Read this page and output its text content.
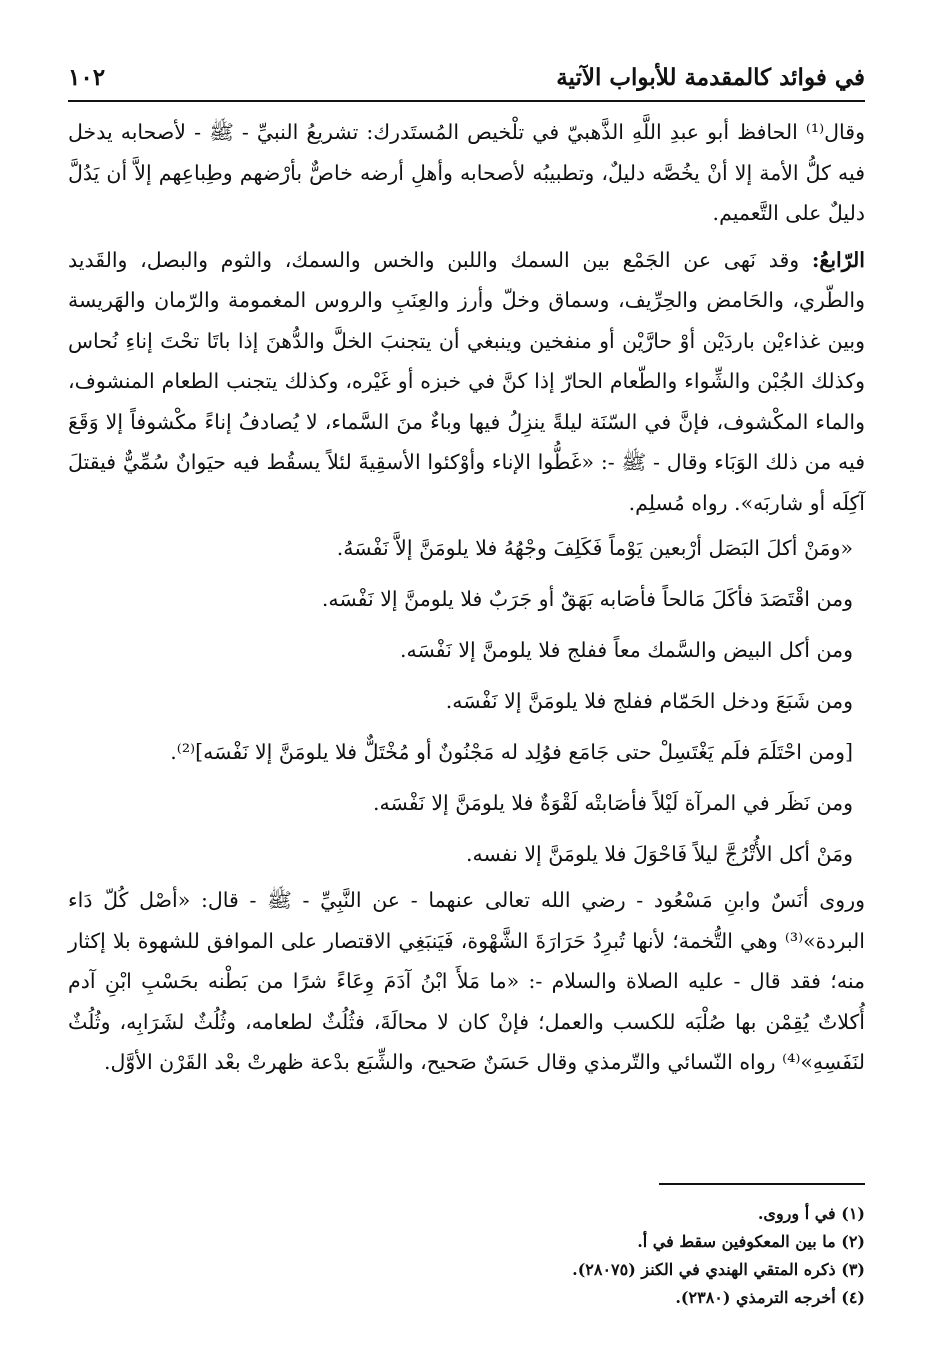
في فوائد كالمقدمة للأبواب الآتية
١٠٢

وقال⁽¹⁾ الحافظ أبو عبدِ اللَّهِ الذَّهبيّ في تلْخيص المُستَدرك: تشريعُ النبيِّ - ﷺ - لأصحابه يدخل فيه كلُّ الأمة إلا أنْ يخُصَّه دليلٌ، وتطبيبُه لأصحابه وأهلِ أرضه خاصٌّ بأرْضهم وطِباعِهم إلاَّ أن يَدُلَّ دليلٌ على التَّعميم.

الرّابعُ: وقد نَهى عن الجَمْع بين السمك واللبن والخس والسمك، والثوم والبصل، والقَديد والطّري، والحَامض والحِرِّيف، وسماق وخلّ وأرز والعِنَبِ والروس المغمومة والرّمان والهَريسة وبين غذاءيْن باردَيْن أوْ حارَّيْن أو منفخين وينبغي أن يتجنبَ الخلَّ والدُّهنَ إذا باتَا تحْتَ إناءِ نُحاس وكذلك الجُبْن والشِّواء والطّعام الحارّ إذا كنَّ في خبزه أو غَيْره، وكذلك يتجنب الطعام المنشوف، والماء المكْشوف، فإنَّ في السّنَة ليلةً ينزِلُ فيها وباءٌ منَ السَّماء، لا يُصادفُ إناءً مكْشوفاً إلا وَقَعَ فيه من ذلك الوَبَاء وقال - ﷺ -: «غَطُّوا الإناء وأوْكئوا الأسقِيةَ لئلاً يسقُط فيه حيَوانٌ سُمِّيٌّ فيقتلَ آكِلَه أو شاربَه». رواه مُسلِم.

«ومَنْ أكلَ البَصَل أرْبعين يَوْماً فَكَلِفَ وجْهُهُ فلا يلومَنَّ إلاَّ نَفْسَهُ.
ومن اقْتَصَدَ فأكَلَ مَالحاً فأصَابه بَهَقٌ أو جَرَبٌ فلا يلومنَّ إلا نَفْسَه.
ومن أكل البيض والسَّمك معاً ففلج فلا يلومنَّ إلا نَفْسَه.
ومن شَبَعَ ودخل الحَمّام ففلج فلا يلومَنَّ إلا نَفْسَه.
[ومن احْتَلَمَ فلَم يَغْتَسِلْ حتى جَامَع فوُلِد له مَجْنُونٌ أو مُخْتَلٌّ فلا يلومَنَّ إلا نَفْسَه]⁽²⁾.
ومن نَظَر في المرآة لَيْلاً فأصَابتْه لَقْوَةٌ فلا يلومَنَّ إلا نَفْسَه.
ومَنْ أكل الأُتْرُجَّ ليلاً فَاحْوَلَ فلا يلومَنَّ إلا نفسه.

وروى أنَسٌ وابنِ مَسْعُود - رضي الله تعالى عنهما - عن النَّبِيِّ - ﷺ - قال: «أصْل كُلّ دَاء البردة»⁽³⁾ وهي التُّخمة؛ لأنها تُبرِدُ حَرَارَةَ الشَّهْوة، فَيَنبَغِي الاقتصار على الموافق للشهوة بلا إكثار منه؛ فقد قال - عليه الصلاة والسلام -: «ما مَلأَ ابْنُ آدَمَ وِعَاءً شرًا من بَطْنه بحَسْبِ ابْنِ آدم أُكلاتٌ يُقِمْن بها صُلْبَه للكسب والعمل؛ فإنْ كان لا محالَةَ، فثُلُثٌ لطعامه، وثُلُثٌ لشَرَابِه، وثُلُثٌ لنَفَسِهِ»⁽⁴⁾ رواه النّسائي والتّرمذي وقال حَسَنٌ صَحيح، والشِّبَع بدْعة ظهرتْ بعْد القَرْن الأوَّل.

(١) في أ وروى.

(٢) ما بين المعكوفين سقط في أ.

(٣) ذكره المتقي الهندي في الكنز (٢٨٠٧٥).

(٤) أخرجه الترمذي (٢٣٨٠).
